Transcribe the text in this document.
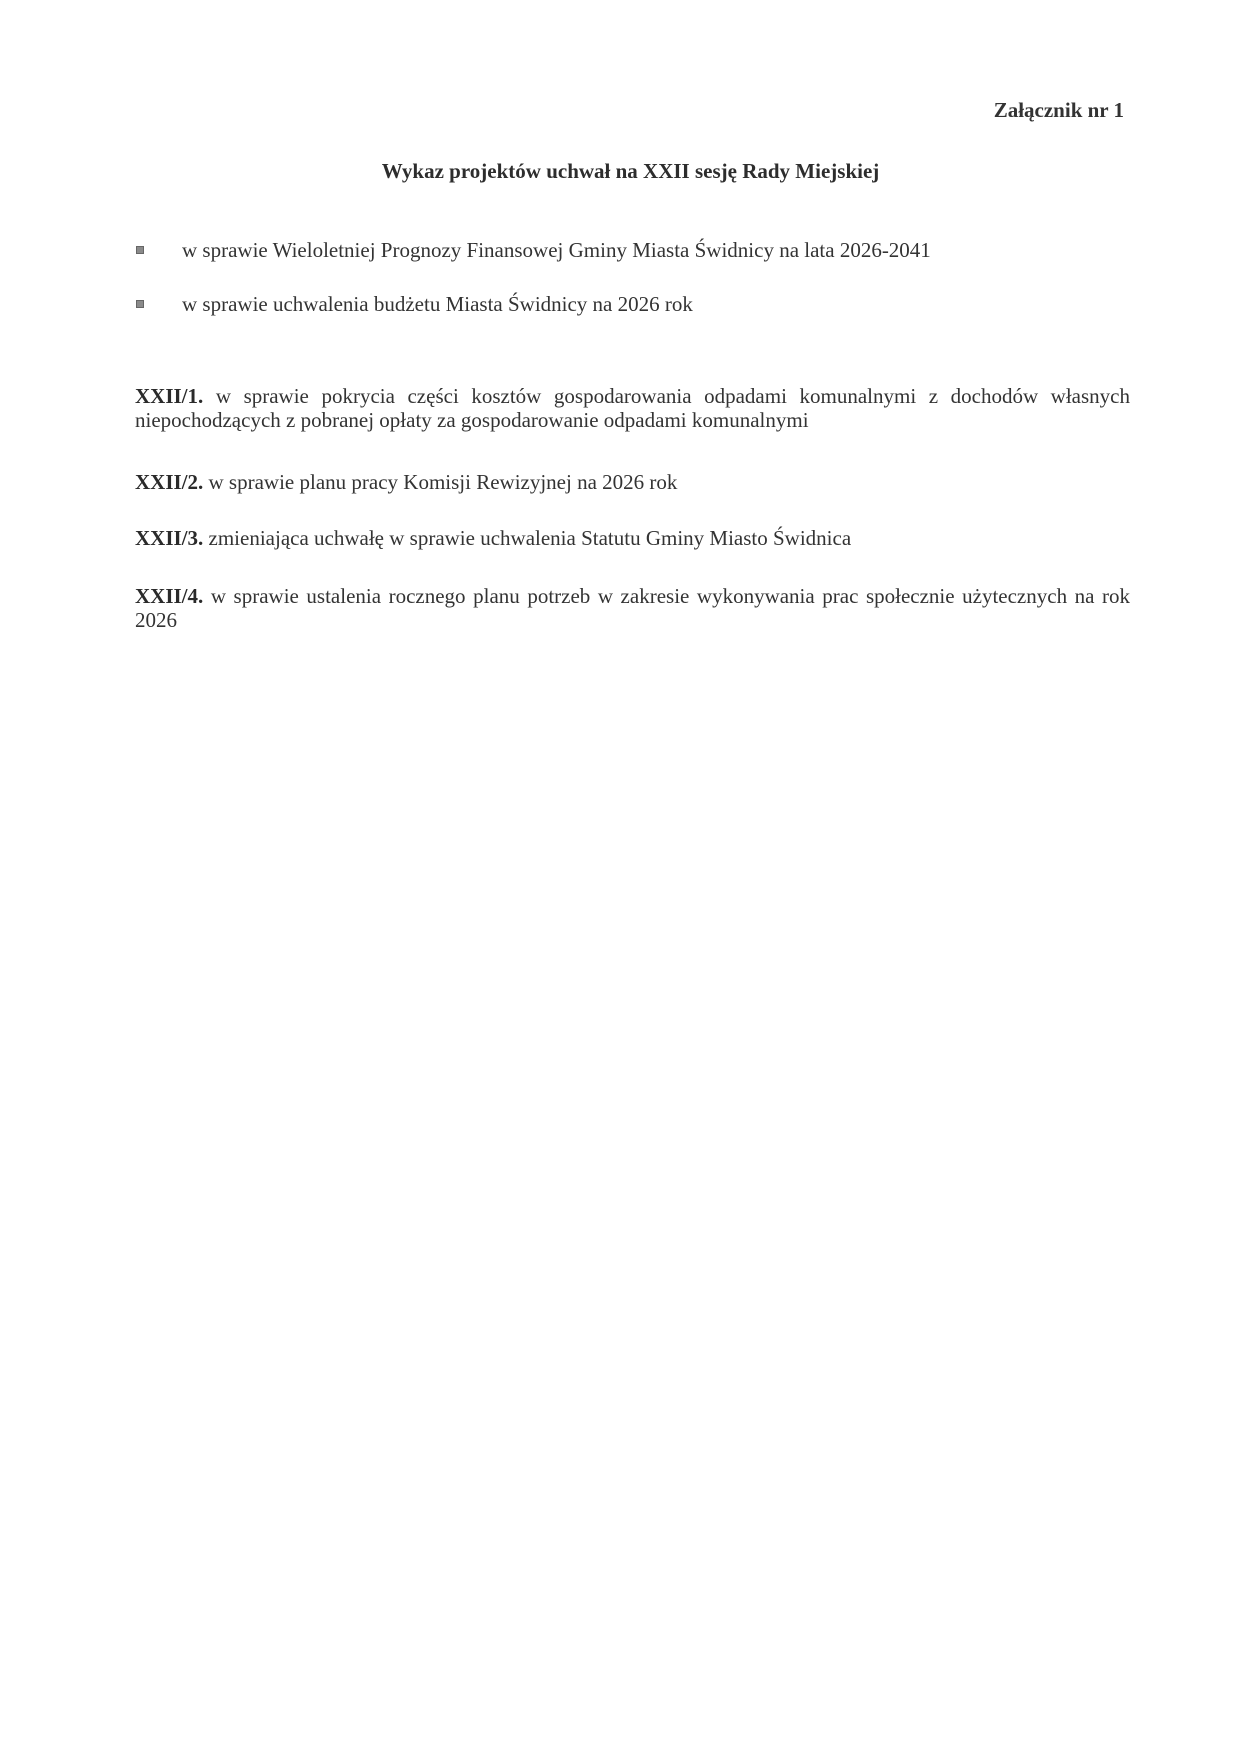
Załącznik nr 1
Wykaz projektów uchwał na XXII sesję Rady Miejskiej
w sprawie Wieloletniej Prognozy Finansowej Gminy Miasta Świdnicy na lata 2026-2041
w sprawie uchwalenia budżetu Miasta Świdnicy na 2026 rok
XXII/1. w sprawie pokrycia części kosztów gospodarowania odpadami komunalnymi z dochodów własnych niepochodzących z pobranej opłaty za gospodarowanie odpadami komunalnymi
XXII/2. w sprawie planu pracy Komisji Rewizyjnej na 2026 rok
XXII/3. zmieniająca uchwałę w sprawie uchwalenia Statutu Gminy Miasto Świdnica
XXII/4. w sprawie ustalenia rocznego planu potrzeb w zakresie wykonywania prac społecznie użytecznych na rok 2026
